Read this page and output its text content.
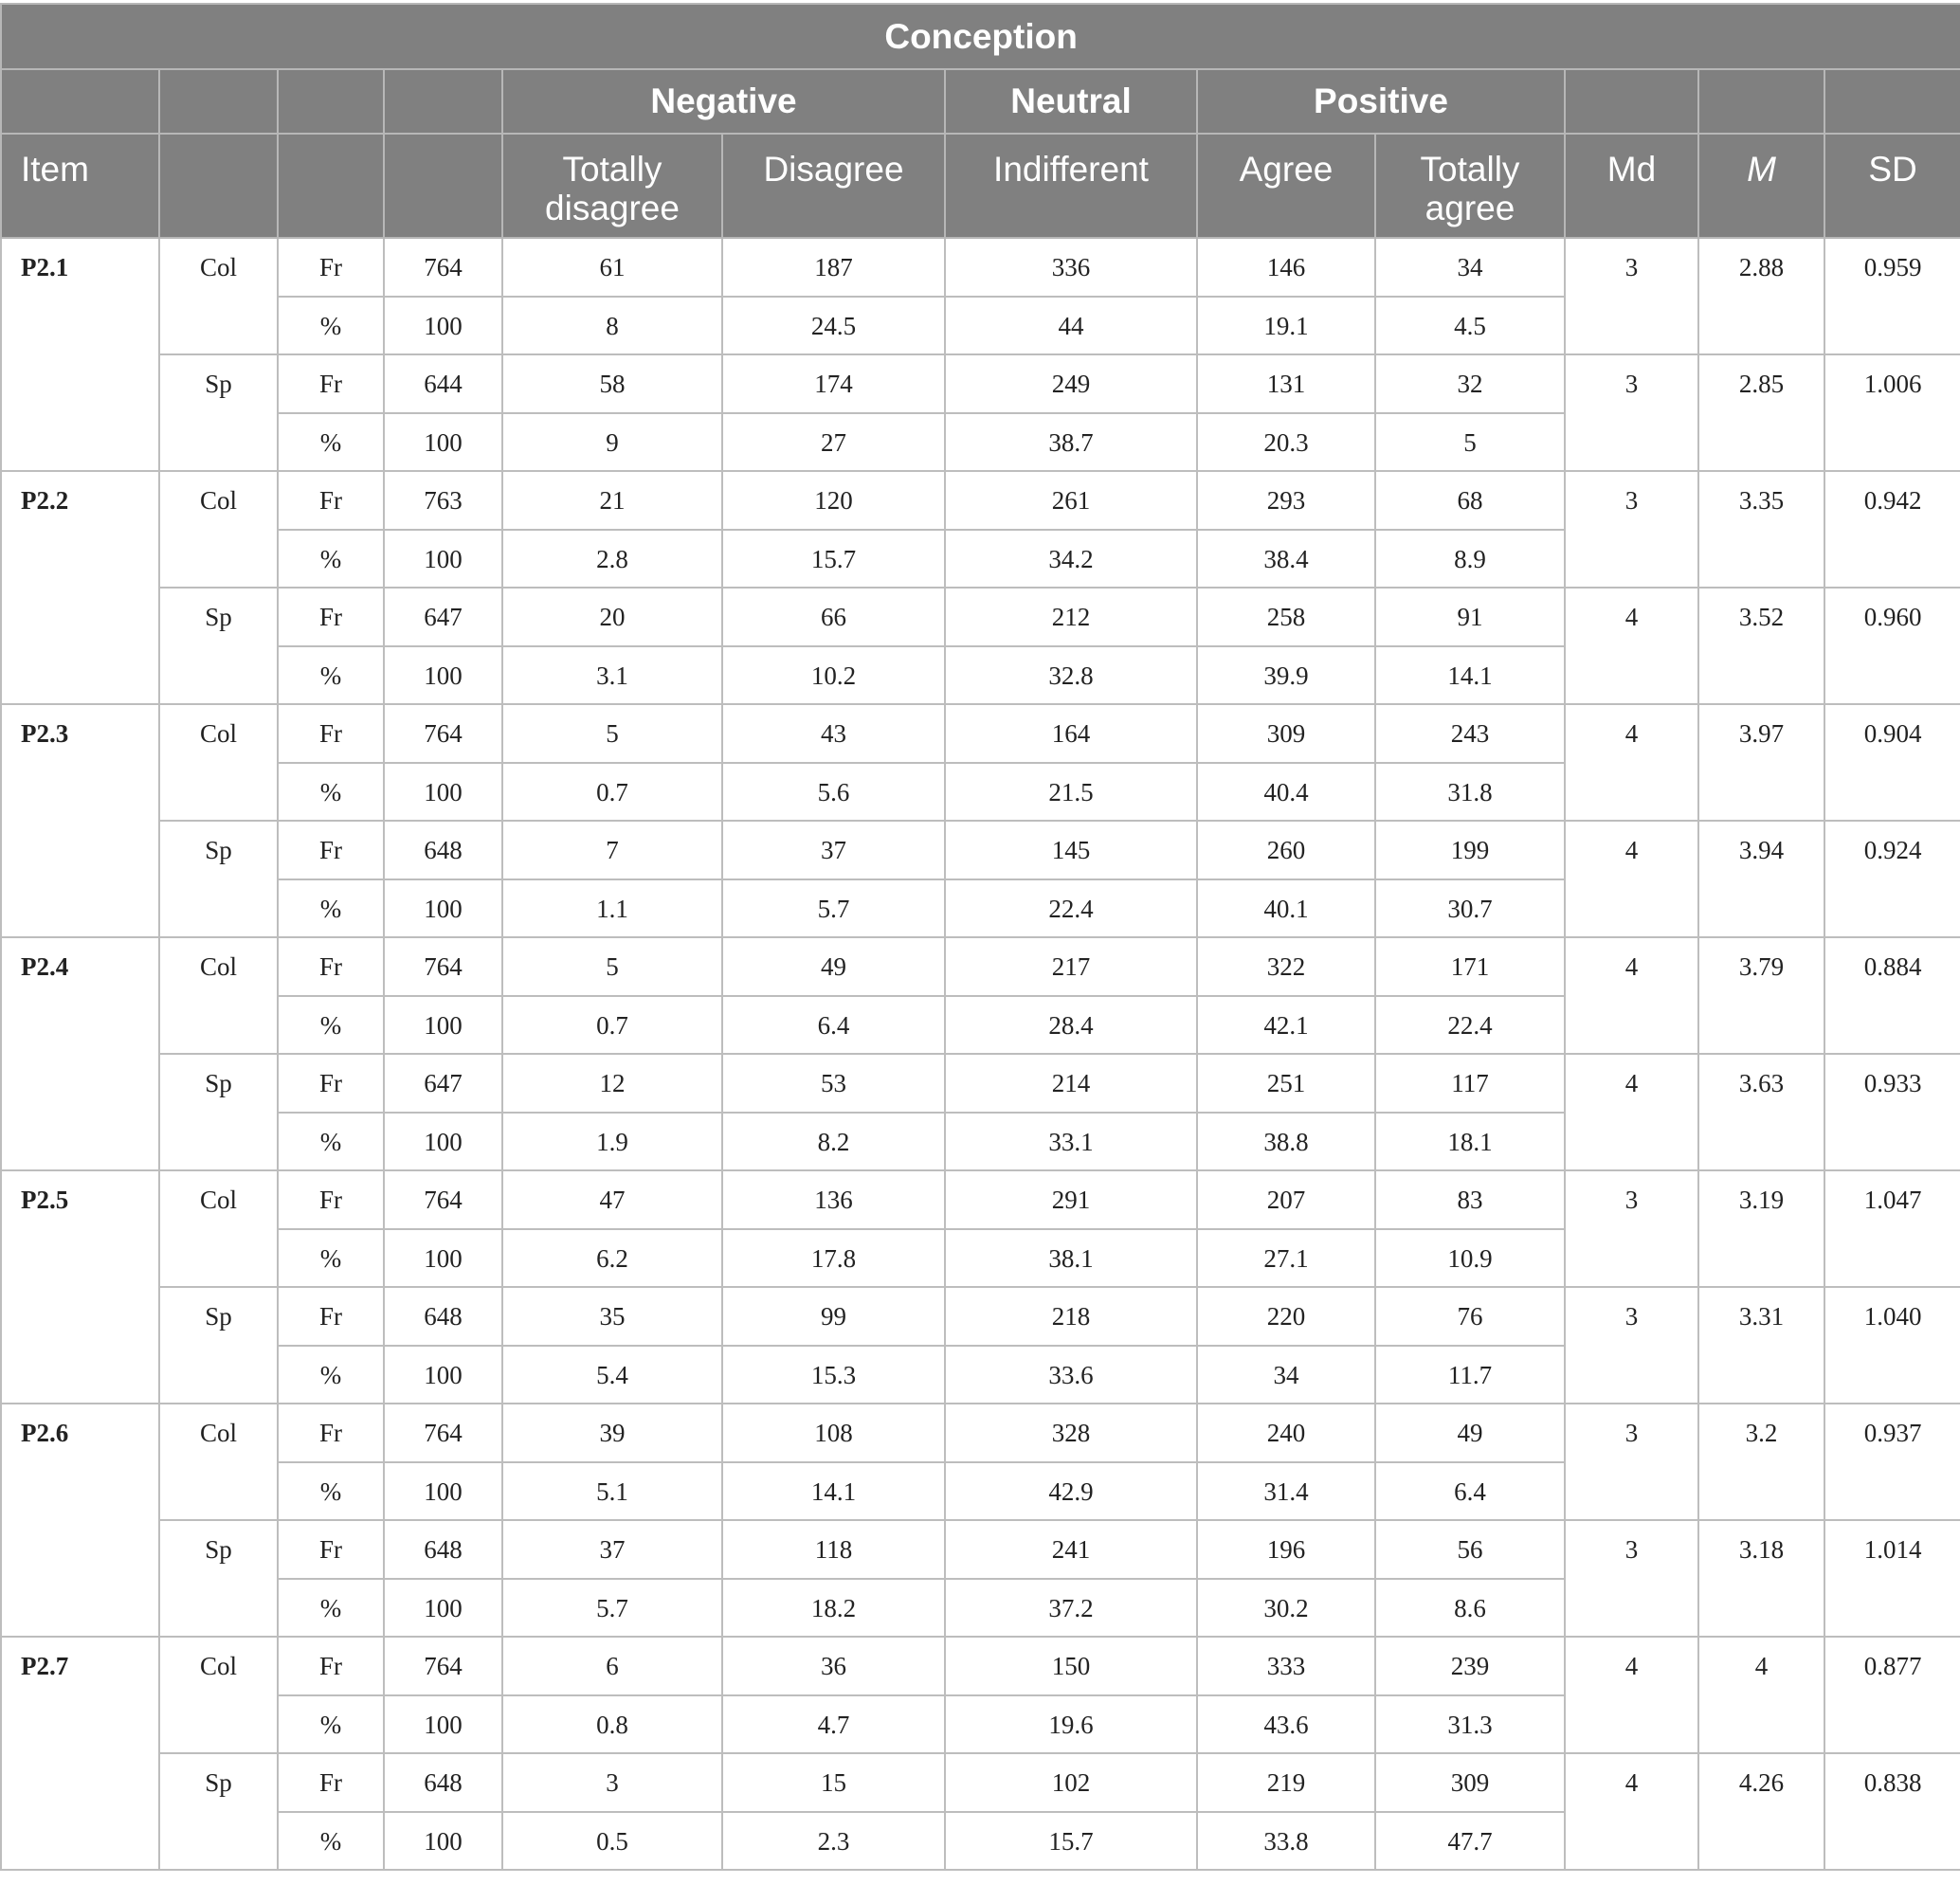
Conception											
				Negative		Neutral	Positive				
Item				Totally disagree	Disagree	Indifferent	Agree	Totally agree	Md	M	SD
P2.1	Col	Fr	764	61	187	336	146	34	3	2.88	0.959
		%	100	8	24.5	44	19.1	4.5			
	Sp	Fr	644	58	174	249	131	32	3	2.85	1.006
		%	100	9	27	38.7	20.3	5			
P2.2	Col	Fr	763	21	120	261	293	68	3	3.35	0.942
		%	100	2.8	15.7	34.2	38.4	8.9			
	Sp	Fr	647	20	66	212	258	91	4	3.52	0.960
		%	100	3.1	10.2	32.8	39.9	14.1			
P2.3	Col	Fr	764	5	43	164	309	243	4	3.97	0.904
		%	100	0.7	5.6	21.5	40.4	31.8			
	Sp	Fr	648	7	37	145	260	199	4	3.94	0.924
		%	100	1.1	5.7	22.4	40.1	30.7			
P2.4	Col	Fr	764	5	49	217	322	171	4	3.79	0.884
		%	100	0.7	6.4	28.4	42.1	22.4			
	Sp	Fr	647	12	53	214	251	117	4	3.63	0.933
		%	100	1.9	8.2	33.1	38.8	18.1			
P2.5	Col	Fr	764	47	136	291	207	83	3	3.19	1.047
		%	100	6.2	17.8	38.1	27.1	10.9			
	Sp	Fr	648	35	99	218	220	76	3	3.31	1.040
		%	100	5.4	15.3	33.6	34	11.7			
P2.6	Col	Fr	764	39	108	328	240	49	3	3.2	0.937
		%	100	5.1	14.1	42.9	31.4	6.4			
	Sp	Fr	648	37	118	241	196	56	3	3.18	1.014
		%	100	5.7	18.2	37.2	30.2	8.6			
P2.7	Col	Fr	764	6	36	150	333	239	4	4	0.877
		%	100	0.8	4.7	19.6	43.6	31.3			
	Sp	Fr	648	3	15	102	219	309	4	4.26	0.838
		%	100	0.5	2.3	15.7	33.8	47.7			
